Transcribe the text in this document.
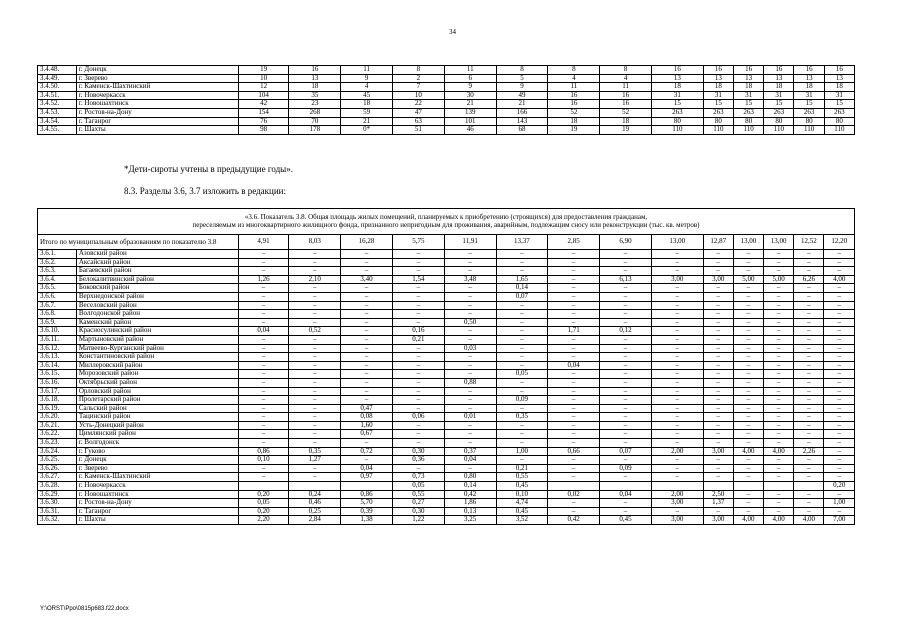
34
3.4.48.	г. Донецк	19	16	11	8	11	8	8	8	16	16	16	16	16	16
3.4.49.	г. Зверево	10	13	9	2	6	5	4	4	13	13	13	13	13	13
3.4.50.	г. Каменск-Шахтинский	12	18	4	7	9	9	11	11	18	18	18	18	18	18
3.4.51.	г. Новочеркасск	104	35	45	10	30	49	16	16	31	31	31	31	31	31
3.4.52.	г. Новошахтинск	42	23	18	22	21	21	16	16	15	15	15	15	15	15
3.4.53.	г. Ростов-на-Дону	154	268	59	47	139	166	52	52	263	263	263	263	263	263
3.4.54.	г. Таганрог	76	70	21	63	101	143	18	18	80	80	80	80	80	80
3.4.55.	г. Шахты	98	178	0*	51	46	68	19	19	110	110	110	110	110	110
*Дети-сироты учтены в предыдущие годы».
8.3. Разделы 3.6, 3.7 изложить в редакции:
«3.6. Показатель 3.8. Общая площадь жилых помещений, планируемых к приобретению (строящихся) для предоставления гражданам,
переселяемым из многоквартирного жилищного фонда, признанного непригодным для проживания, аварийным, подлежащим сносу или реконструкции (тыс. кв. метров)															

Итого по муниципальным образованиям по показателю 3.8		4,91	8,03	16,28	5,75	11,91	13,37	2,85	6,90	13,00	12,87	13,00	13,00	12,52	12,20
3.6.1.	Азовский район	–	–	–	–	–	–	–	–	–	–	–	–	–	–
3.6.2.	Аксайский район	–	–	–	–	–	–	–	–	–	–	–	–	–	–
3.6.3.	Багаевский район	–	–	–	–	–	–	–	–	–	–	–	–	–	–
3.6.4.	Белокалитвинский район	1,26	2,10	3,40	1,54	3,48	1,65	–	6,13	3,00	3,00	5,00	5,00	6,26	4,00
3.6.5.	Боковский район	–	–	–	–	–	0,14	–	–	–	–	–	–	–	–
3.6.6.	Верхнедонской район	–	–	–	–	–	0,07	–	–	–	–	–	–	–	–
3.6.7.	Веселовский район	–	–	–	–	–	–	–	–	–	–	–	–	–	–
3.6.8.	Волгодонской район	–	–	–	–	–	–	–	–	–	–	–	–	–	–
3.6.9.	Каменский район	–	–	–	–	0,50	–	–	–	–	–	–	–	–	–
3.6.10.	Красносулинский район	0,04	0,52	–	0,16	–	–	1,71	0,12	–	–	–	–	–	–
3.6.11.	Мартыновский район	–	–	–	0,21	–	–	–	–	–	–	–	–	–	–
3.6.12.	Матвеево-Курганский район	–	–	–	–	0,03	–	–	–	–	–	–	–	–	–
3.6.13.	Константиновский район	–	–	–	–	–	–	–	–	–	–	–	–	–	–
3.6.14.	Миллеровский район	–	–	–	–	–	–	0,04	–	–	–	–	–	–	–
3.6.15.	Морозовский район	–	–	–	–	–	0,05	–	–	–	–	–	–	–	–
3.6.16.	Октябрьский район	–	–	–	–	0,88	–	–	–	–	–	–	–	–	–
3.6.17.	Орловский район	–	–	–	–	–	–	–	–	–	–	–	–	–	–
3.6.18.	Пролетарский район	–	–	–	–	–	0,09	–	–	–	–	–	–	–	–
3.6.19.	Сальский район	–	–	0,47	–	–	–	–	–	–	–	–	–	–	–
3.6.20.	Тацинский район	–	–	0,08	0,06	0,01	0,35	–	–	–	–	–	–	–	–
3.6.21.	Усть-Донецкий район	–	–	1,60	–	–	–	–	–	–	–	–	–	–	–
3.6.22.	Цимлянский район	–	–	0,67	–	–	–	–	–	–	–	–	–	–	–
3.6.23.	г. Волгодонск	–	–	–	–	–	–	–	–	–	–	–	–	–	–
3.6.24.	г. Гуково	0,86	0,35	0,72	0,30	0,37	1,00	0,66	0,07	2,00	3,00	4,00	4,00	2,26	–
3.6.25.	г. Донецк	0,10	1,27	–	0,36	0,04	–	–	–	–	–	–	–	–	–
3.6.26.	г. Зверево	–	–	0,04	–	–	0,21	–	0,09	–	–	–	–	–	–
3.6.27.	г. Каменск-Шахтинский	–	–	0,97	0,73	0,80	0,55	–	–	–	–	–	–	–	–
3.6.28.	г. Новочеркасск				0,05	0,14	0,45								0,20
3.6.29.	г. Новошахтинск	0,20	0,24	0,86	0,55	0,42	0,10	0,02	0,04	2,00	2,50	–	–	–	–
3.6.30.	г. Ростов-на-Дону	0,05	0,46	5,70	0,27	1,86	4,74	–	–	3,00	1,37	–	–	–	1,00
3.6.31.	г. Таганрог	0,20	0,25	0,39	0,30	0,13	0,45	–	–	–	–	–	–	–	–
3.6.32.	г. Шахты	2,20	2,84	1,38	1,22	3,25	3,52	0,42	0,45	3,00	3,00	4,00	4,00	4,00	7,00
Y:\ORST\Ppo\0815p683.f22.docx
